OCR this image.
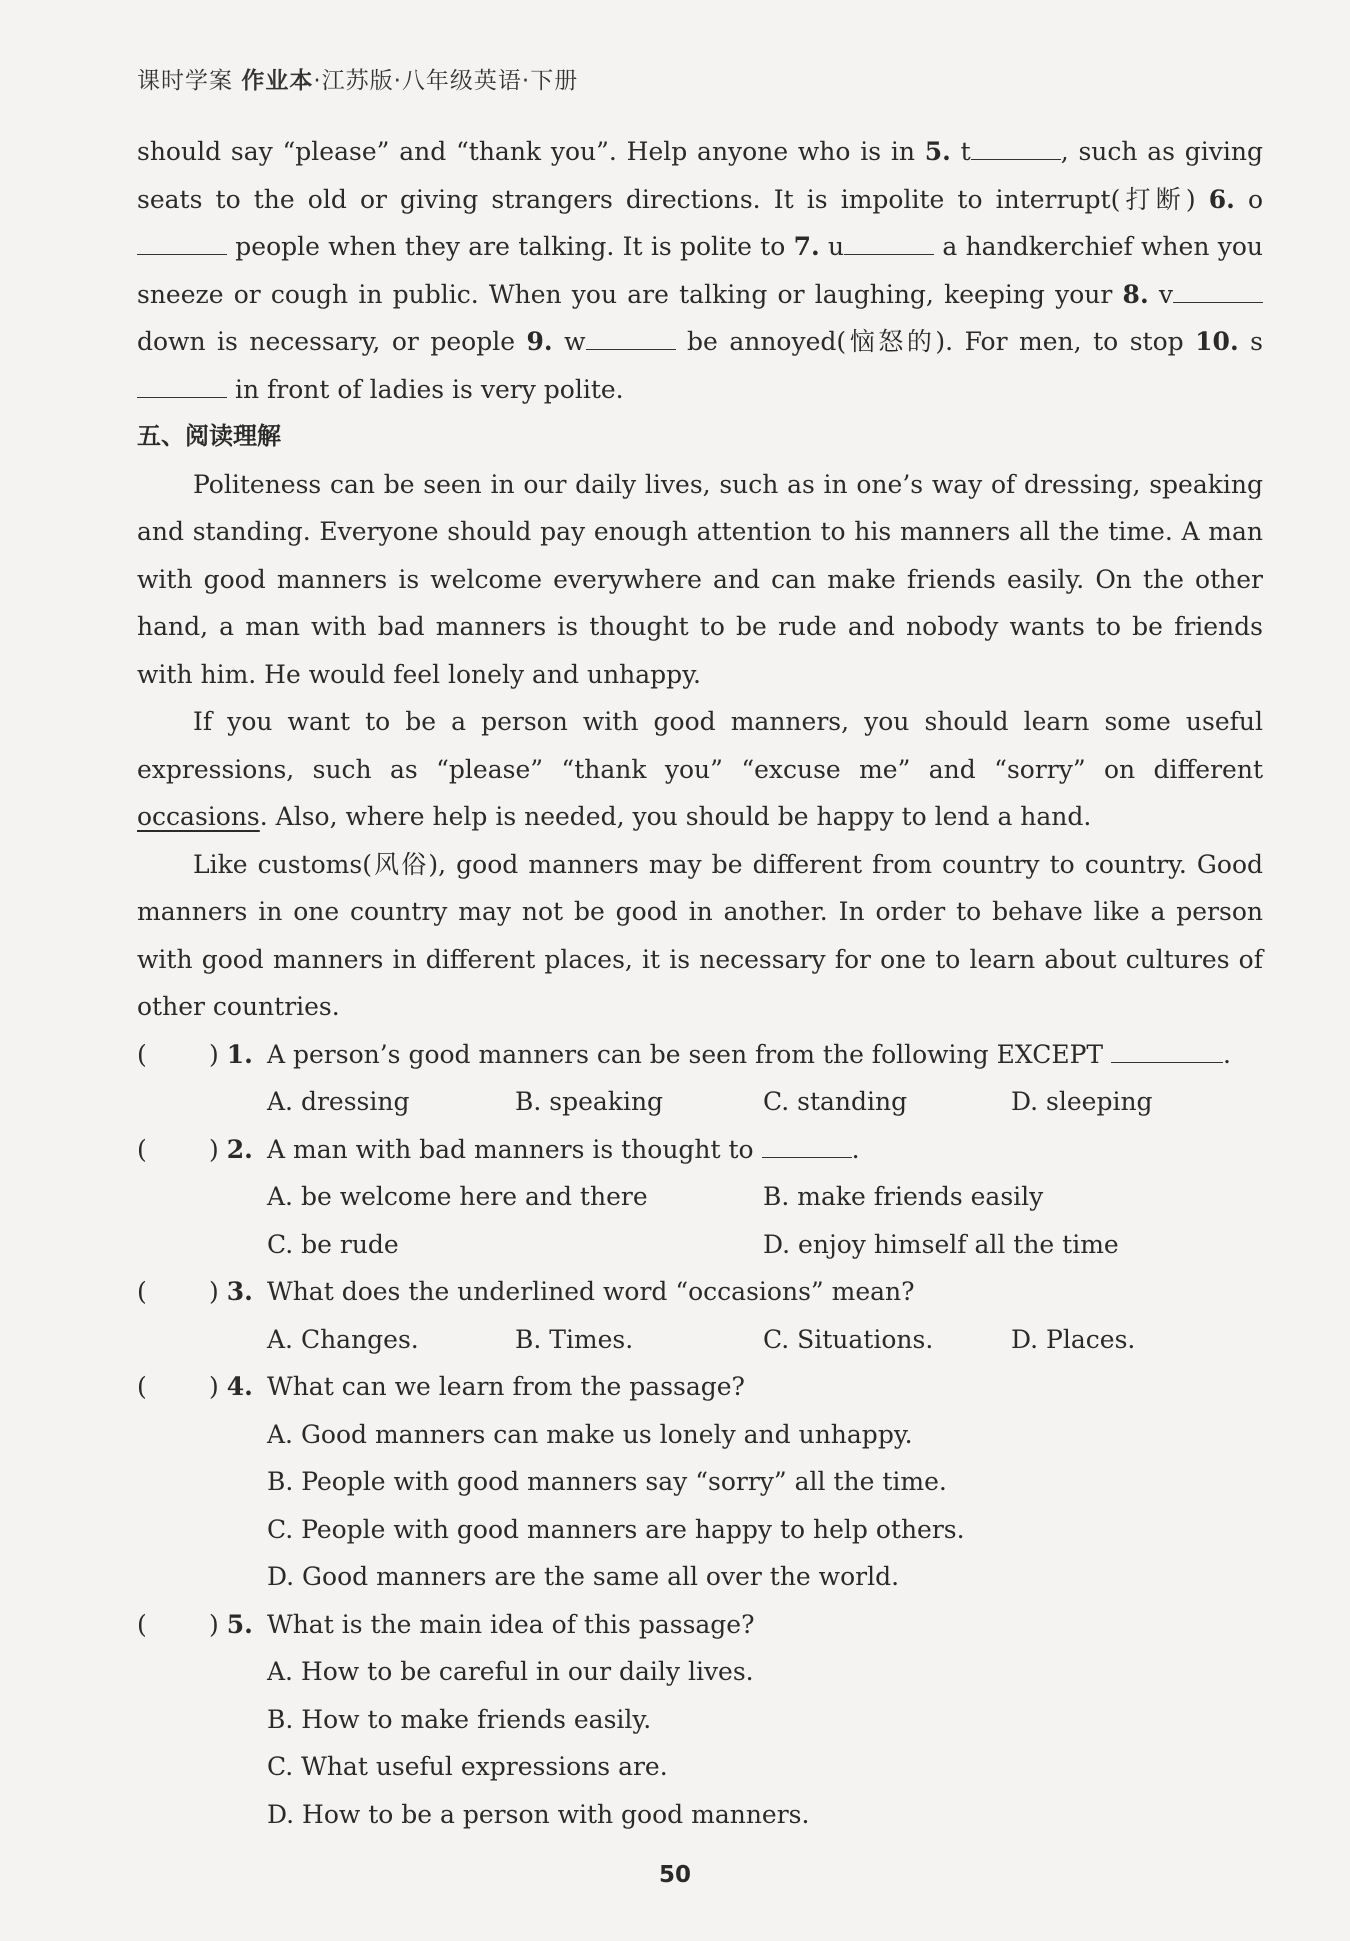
课时学案 作业本·江苏版·八年级英语·下册

should say “please” and “thank you”. Help anyone who is in 5. t	, such as giving seats to the old or giving strangers directions. It is impolite to interrupt(打断) 6. o people when they are talking. It is polite to 7. u	a handkerchief when you sneeze or cough in public. When you are talking or laughing, keeping your 8. v down is necessary, or people 9. w	be annoyed(恼怒的). For men, to stop 10. s in front of ladies is very polite.

五、阅读理解

Politeness can be seen in our daily lives, such as in one’s way of dressing, speaking and standing. Everyone should pay enough attention to his manners all the time. A man with good manners is welcome everywhere and can make friends easily. On the other hand, a man with bad manners is thought to be rude and nobody wants to be friends with him. He would feel lonely and unhappy.

If you want to be a person with good manners, you should learn some useful expressions, such as “please” “thank you” “excuse me” and “sorry” on different occasions. Also, where help is needed, you should be happy to lend a hand.

Like customs(风俗), good manners may be different from country to country. Good manners in one country may not be good in another. In order to behave like a person with good manners in different places, it is necessary for one to learn about cultures of other countries.

( ) 1. A person’s good manners can be seen from the following EXCEPT	.
A. dressing	B. speaking	C. standing	D. sleeping
( ) 2. A man with bad manners is thought to	.
A. be welcome here and there	B. make friends easily
C. be rude	D. enjoy himself all the time
( ) 3. What does the underlined word “occasions” mean?
A. Changes.	B. Times.	C. Situations.	D. Places.
( ) 4. What can we learn from the passage?
A. Good manners can make us lonely and unhappy.
B. People with good manners say “sorry” all the time.
C. People with good manners are happy to help others.
D. Good manners are the same all over the world.
( ) 5. What is the main idea of this passage?
A. How to be careful in our daily lives.
B. How to make friends easily.
C. What useful expressions are.
D. How to be a person with good manners.
50
